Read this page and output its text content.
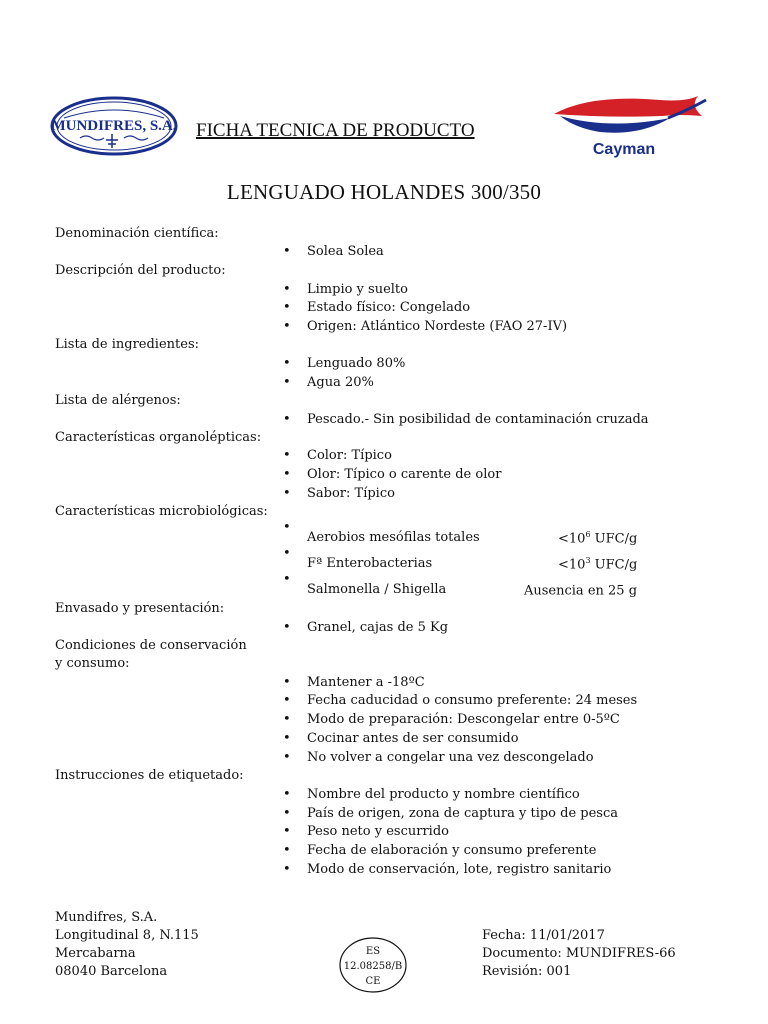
MUNDIFRES, S.A. FICHA TECNICA DE PRODUCTO
Cayman
LENGUADO HOLANDES 300/350
Denominación científica:
• Solea Solea
Descripción del producto:
• Limpio y suelto
• Estado físico: Congelado
• Origen: Atlántico Nordeste (FAO 27-IV)
Lista de ingredientes:
• Lenguado 80%
• Agua 20%
Lista de alérgenos:
• Pescado.- Sin posibilidad de contaminación cruzada
Características organolépticas:
• Color: Típico
• Olor: Típico o carente de olor
• Sabor: Típico
Características microbiológicas:
•
Aerobios mesófilas totales	$<10^6$ UFC/g
•
Fª Enterobacterias	$<10^3$ UFC/g
•
Salmonella / Shigella	Ausencia en 25 g
Envasado y presentación:
• Granel, cajas de 5 Kg
Condiciones de conservación
y consumo:
• Mantener a -18ºC
• Fecha caducidad o consumo preferente: 24 meses
• Modo de preparación: Descongelar entre 0-5ºC
• Cocinar antes de ser consumido
• No volver a congelar una vez descongelado
Instrucciones de etiquetado:
• Nombre del producto y nombre científico
• País de origen, zona de captura y tipo de pesca
• Peso neto y escurrido
• Fecha de elaboración y consumo preferente
• Modo de conservación, lote, registro sanitario
Mundifres, S.A.
Longitudinal 8, N.115
Mercabarna
08040 Barcelona
ES
12.08258/B
CE
Fecha: 11/01/2017
Documento: MUNDIFRES-66
Revisión: 001
